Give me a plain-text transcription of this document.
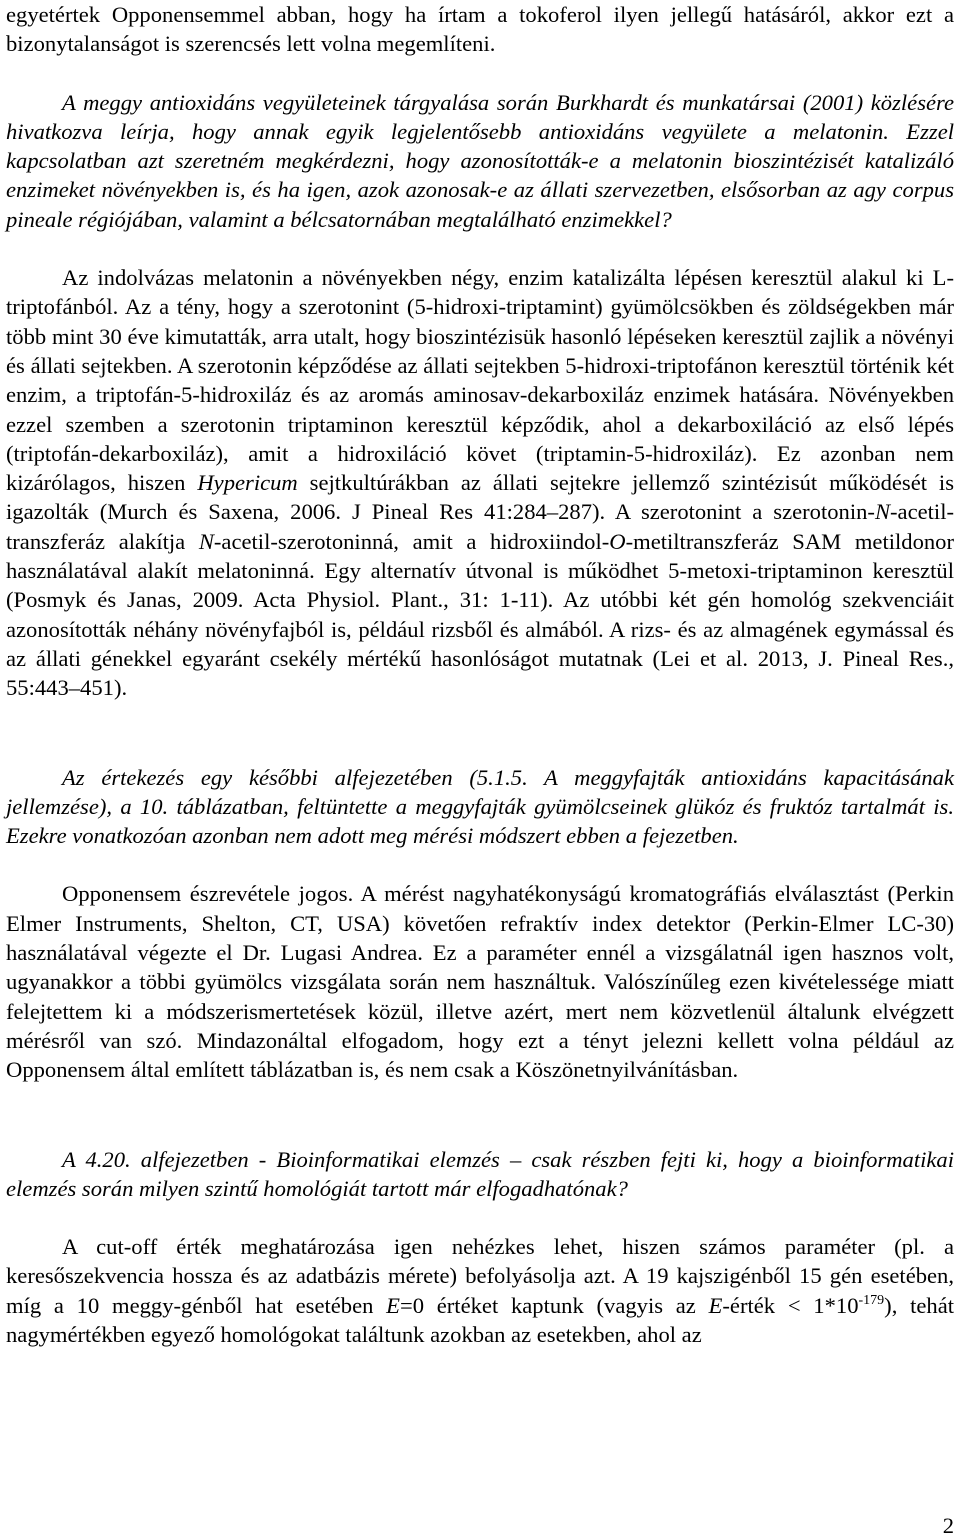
egyetértek Opponensemmel abban, hogy ha írtam a tokoferol ilyen jellegű hatásáról, akkor ezt a bizonytalanságot is szerencsés lett volna megemlíteni.

A meggy antioxidáns vegyületeinek tárgyalása során Burkhardt és munkatársai (2001) közlésére hivatkozva leírja, hogy annak egyik legjelentősebb antioxidáns vegyülete a melatonin. Ezzel kapcsolatban azt szeretném megkérdezni, hogy azonosították-e a melatonin bioszintézisét katalizáló enzimeket növényekben is, és ha igen, azok azonosak-e az állati szervezetben, elsősorban az agy corpus pineale régiójában, valamint a bélcsatornában megtalálható enzimekkel?

Az indolvázas melatonin a növényekben négy, enzim katalizálta lépésen keresztül alakul ki L-triptofánból. Az a tény, hogy a szerotonint (5-hidroxi-triptamint) gyümölcsökben és zöldségekben már több mint 30 éve kimutatták, arra utalt, hogy bioszintézisük hasonló lépéseken keresztül zajlik a növényi és állati sejtekben. A szerotonin képződése az állati sejtekben 5-hidroxi-triptofánon keresztül történik két enzim, a triptofán-5-hidroxiláz és az aromás aminosav-dekarboxiláz enzimek hatására. Növényekben ezzel szemben a szerotonin triptaminon keresztül képződik, ahol a dekarboxiláció az első lépés (triptofán-dekarboxiláz), amit a hidroxiláció követ (triptamin-5-hidroxiláz). Ez azonban nem kizárólagos, hiszen Hypericum sejtkultúrákban az állati sejtekre jellemző szintézisút működését is igazolták (Murch és Saxena, 2006. J Pineal Res 41:284–287). A szerotonint a szerotonin-N-acetil-transzferáz alakítja N-acetil-szerotoninná, amit a hidroxiindol-O-metiltranszferáz SAM metildonor használatával alakít melatoninná. Egy alternatív útvonal is működhet 5-metoxi-triptaminon keresztül (Posmyk és Janas, 2009. Acta Physiol. Plant., 31: 1-11). Az utóbbi két gén homológ szekvenciáit azonosították néhány növényfajból is, például rizsből és almából. A rizs- és az almagének egymással és az állati génekkel egyaránt csekély mértékű hasonlóságot mutatnak (Lei et al. 2013, J. Pineal Res., 55:443–451).

Az értekezés egy későbbi alfejezetében (5.1.5. A meggyfajták antioxidáns kapacitásának jellemzése), a 10. táblázatban, feltüntette a meggyfajták gyümölcseinek glükóz és fruktóz tartalmát is. Ezekre vonatkozóan azonban nem adott meg mérési módszert ebben a fejezetben.

Opponensem észrevétele jogos. A mérést nagyhatékonyságú kromatográfiás elválasztást (Perkin Elmer Instruments, Shelton, CT, USA) követően refraktív index detektor (Perkin-Elmer LC-30) használatával végezte el Dr. Lugasi Andrea. Ez a paraméter ennél a vizsgálatnál igen hasznos volt, ugyanakkor a többi gyümölcs vizsgálata során nem használtuk. Valószínűleg ezen kivételessége miatt felejtettem ki a módszerismertetések közül, illetve azért, mert nem közvetlenül általunk elvégzett mérésről van szó. Mindazonáltal elfogadom, hogy ezt a tényt jelezni kellett volna például az Opponensem által említett táblázatban is, és nem csak a Köszönetnyilvánításban.

A 4.20. alfejezetben - Bioinformatikai elemzés – csak részben fejti ki, hogy a bioinformatikai elemzés során milyen szintű homológiát tartott már elfogadhatónak?

A cut-off érték meghatározása igen nehézkes lehet, hiszen számos paraméter (pl. a keresőszekvencia hossza és az adatbázis mérete) befolyásolja azt. A 19 kajszigénből 15 gén esetében, míg a 10 meggy-génből hat esetében E=0 értéket kaptunk (vagyis az E-érték < $1*10^{-179}$), tehát nagymértékben egyező homológokat találtunk azokban az esetekben, ahol az

2
